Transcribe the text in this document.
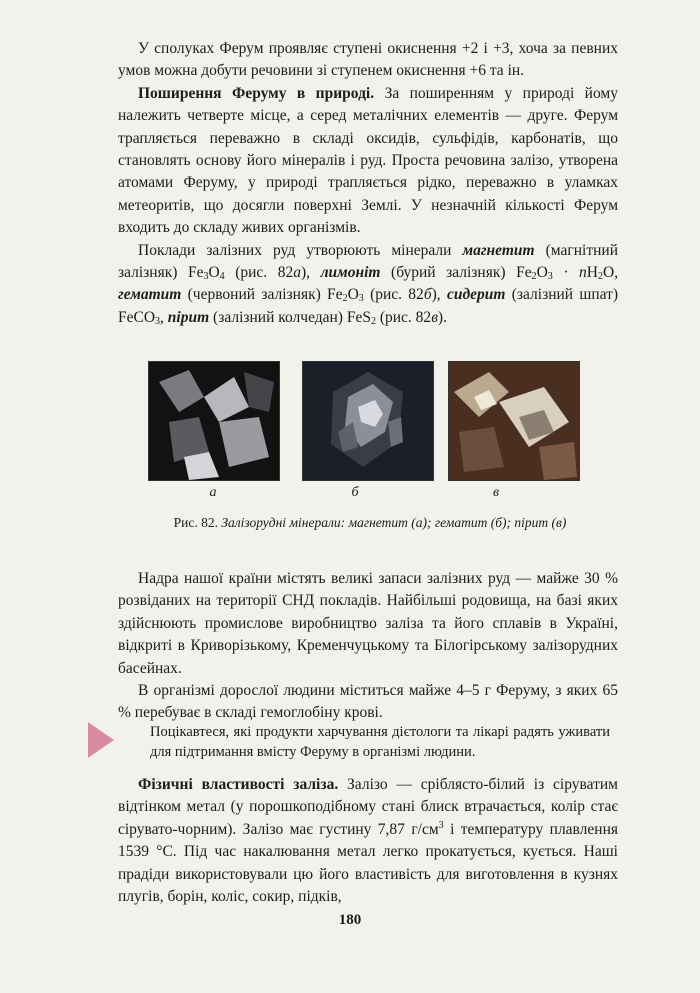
У сполуках Ферум проявляє ступені окиснення +2 і +3, хоча за певних умов можна добути речовини зі ступенем окиснення +6 та ін.

Поширення Феруму в природі. За поширенням у природі йому належить четверте місце, а серед металічних елементів — друге. Ферум трапляється переважно в складі оксидів, сульфідів, карбонатів, що становлять основу його мінералів і руд. Проста речовина залізо, утворена атомами Феруму, у природі трапляється рідко, переважно в уламках метеоритів, що досягли поверхні Землі. У незначній кількості Ферум входить до складу живих організмів.

Поклади залізних руд утворюють мінерали магнетит (магнітний залізняк) $Fe_3O_4$ (рис. 82а), лимоніт (бурий залізняк) $Fe_2O_3 \cdot nH_2O$, гематит (червоний залізняк) $Fe_2O_3$ (рис. 82б), сидерит (залізний шпат) FeCO$_3$, пірит (залізний колчедан) FeS$_2$ (рис. 82в).

а	б	в
Рис. 82. Залізорудні мінерали: магнетит (а); гематит (б); пірит (в)

Надра нашої країни містять великі запаси залізних руд — майже 30 % розвіданих на території СНД покладів. Найбільші родовища, на базі яких здійснюють промислове виробництво заліза та його сплавів в Україні, відкриті в Криворізькому, Кременчуцькому та Білогірському залізорудних басейнах.

В організмі дорослої людини міститься майже 4–5 г Феруму, з яких 65 % перебуває в складі гемоглобіну крові.

Поцікавтеся, які продукти харчування дієтологи та лікарі радять уживати для підтримання вмісту Феруму в організмі людини.

Фізичні властивості заліза. Залізо — сріблясто-білий із сіруватим відтінком метал (у порошкоподібному стані блиск втрачається, колір стає сірувато-чорним). Залізо має густину 7,87 $г/см^3$ і температуру плавлення 1539 °С. Під час накалювання метал легко прокатується, кується. Наші прадіди використовували цю його властивість для виготовлення в кузнях плугів, борін, коліс, сокир, підків,

180
